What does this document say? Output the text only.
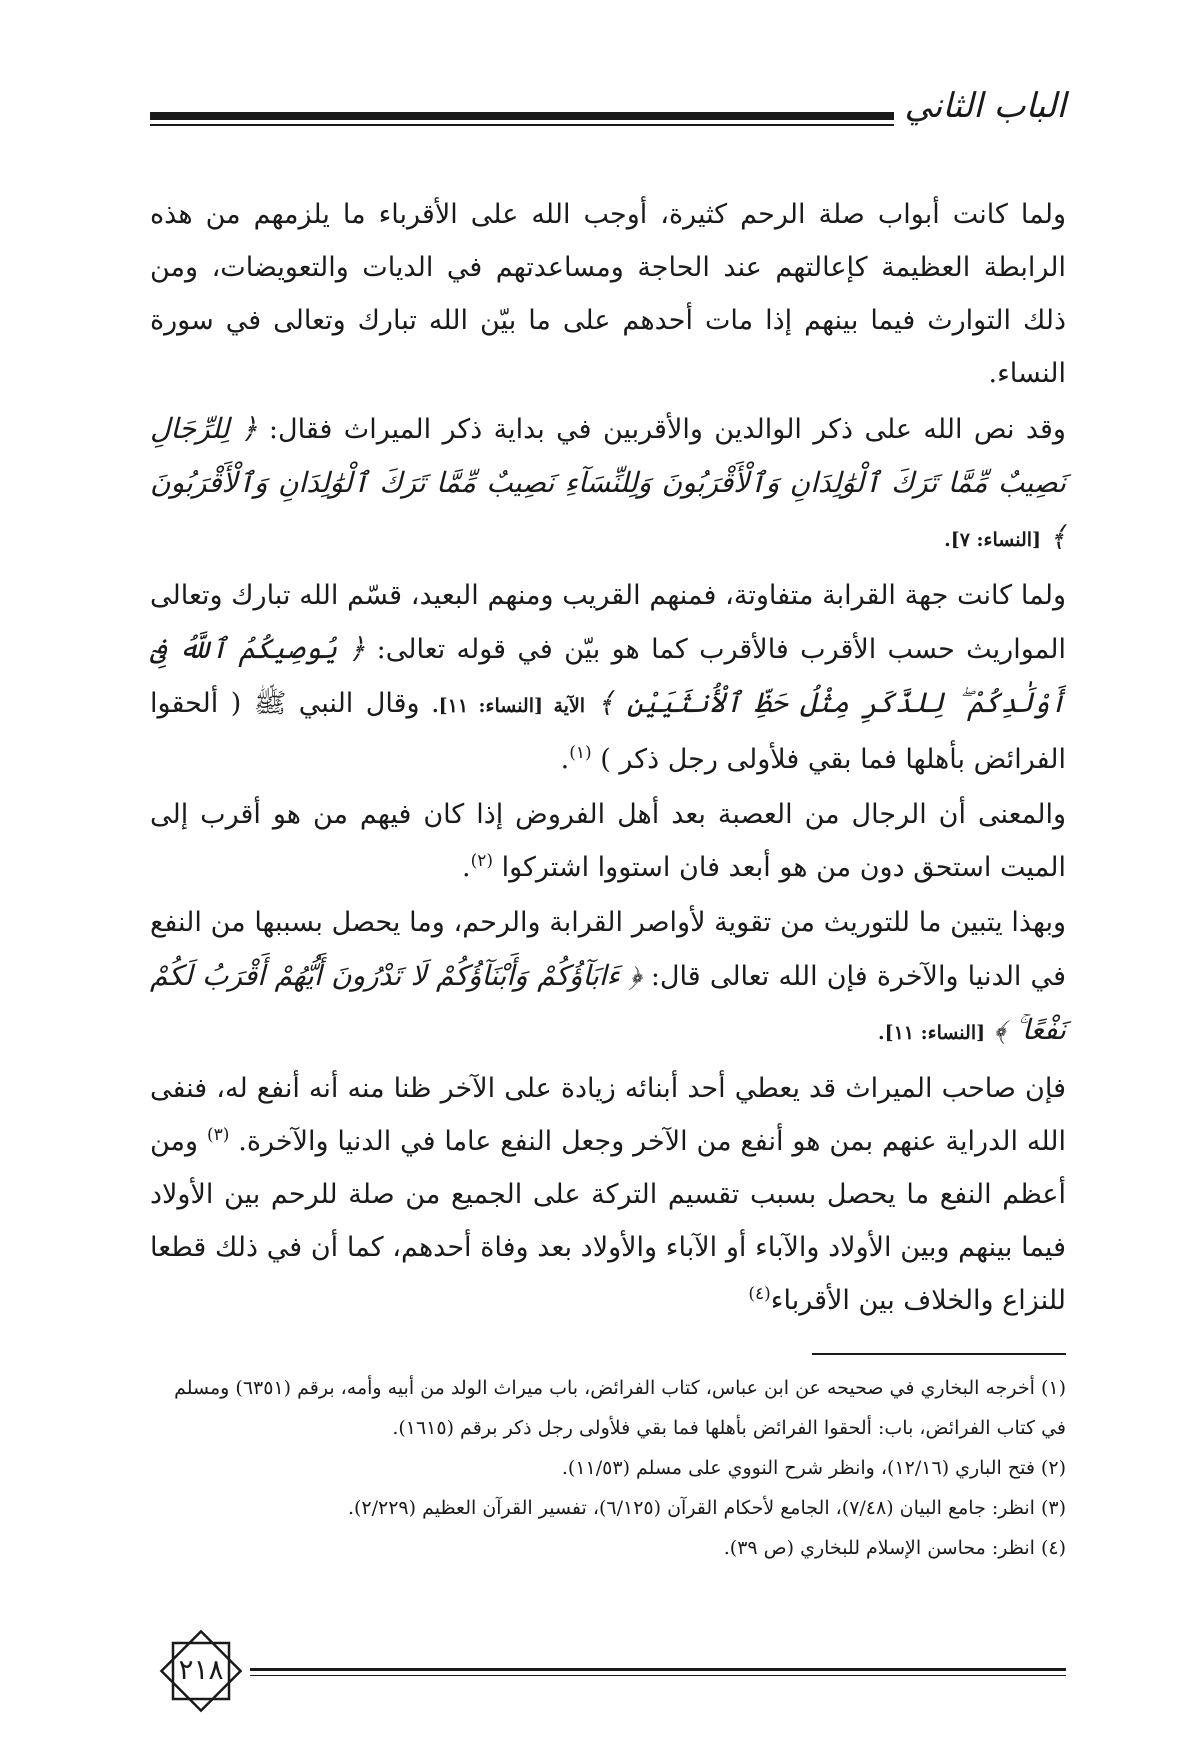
الباب الثاني

ولما كانت أبواب صلة الرحم كثيرة، أوجب الله على الأقرباء ما يلزمهم من هذه الرابطة العظيمة كإعالتهم عند الحاجة ومساعدتهم في الديات والتعويضات، ومن ذلك التوارث فيما بينهم إذا مات أحدهم على ما بيّن الله تبارك وتعالى في سورة النساء.

وقد نص الله على ذكر الوالدين والأقربين في بداية ذكر الميراث فقال: ﴿ لِلرِّجَالِ نَصِيبٌ مِّمَّا تَرَكَ ٱلْوَٰلِدَانِ وَٱلْأَقْرَبُونَ وَلِلنِّسَآءِ نَصِيبٌ مِّمَّا تَرَكَ ٱلْوَٰلِدَانِ وَٱلْأَقْرَبُونَ ﴾ [النساء: ٧].

ولما كانت جهة القرابة متفاوتة، فمنهم القريب ومنهم البعيد، قسّم الله تبارك وتعالى المواريث حسب الأقرب فالأقرب كما هو بيّن في قوله تعالى: ﴿ يُوصِيكُمُ ٱللَّهُ فِىٓ أَوْلَٰدِكُمْ ۖ لِلذَّكَرِ مِثْلُ حَظِّ ٱلْأُنثَيَيْنِ ﴾ الآية [النساء: ١١]. وقال النبي ﷺ ( ألحقوا الفرائض بأهلها فما بقي فلأولى رجل ذكر ) $^{(١)}$.

والمعنى أن الرجال من العصبة بعد أهل الفروض إذا كان فيهم من هو أقرب إلى الميت استحق دون من هو أبعد فان استووا اشتركوا $^{(٢)}$.

وبهذا يتبين ما للتوريث من تقوية لأواصر القرابة والرحم، وما يحصل بسببها من النفع في الدنيا والآخرة فإن الله تعالى قال: ﴿ ءَابَآؤُكُمْ وَأَبْنَآؤُكُمْ لَا تَدْرُونَ أَيُّهُمْ أَقْرَبُ لَكُمْ نَفْعًا ۚ ﴾ [النساء: ١١].

فإن صاحب الميراث قد يعطي أحد أبنائه زيادة على الآخر ظنا منه أنه أنفع له، فنفى الله الدراية عنهم بمن هو أنفع من الآخر وجعل النفع عاما في الدنيا والآخرة. $^{(٣)}$ ومن أعظم النفع ما يحصل بسبب تقسيم التركة على الجميع من صلة للرحم بين الأولاد فيما بينهم وبين الأولاد والآباء أو الآباء والأولاد بعد وفاة أحدهم، كما أن في ذلك قطعا للنزاع والخلاف بين الأقرباء$^{(٤)}$

(١) أخرجه البخاري في صحيحه عن ابن عباس، كتاب الفرائض، باب ميراث الولد من أبيه وأمه، برقم (٦٣٥١) ومسلم في كتاب الفرائض، باب: ألحقوا الفرائض بأهلها فما بقي فلأولى رجل ذكر برقم (١٦١٥).

(٢) فتح الباري (١٢/١٦)، وانظر شرح النووي على مسلم (١١/٥٣).

(٣) انظر: جامع البيان (٧/٤٨)، الجامع لأحكام القرآن (٦/١٢٥)، تفسير القرآن العظيم (٢/٢٢٩).

(٤) انظر: محاسن الإسلام للبخاري (ص ٣٩).

٢١٨
